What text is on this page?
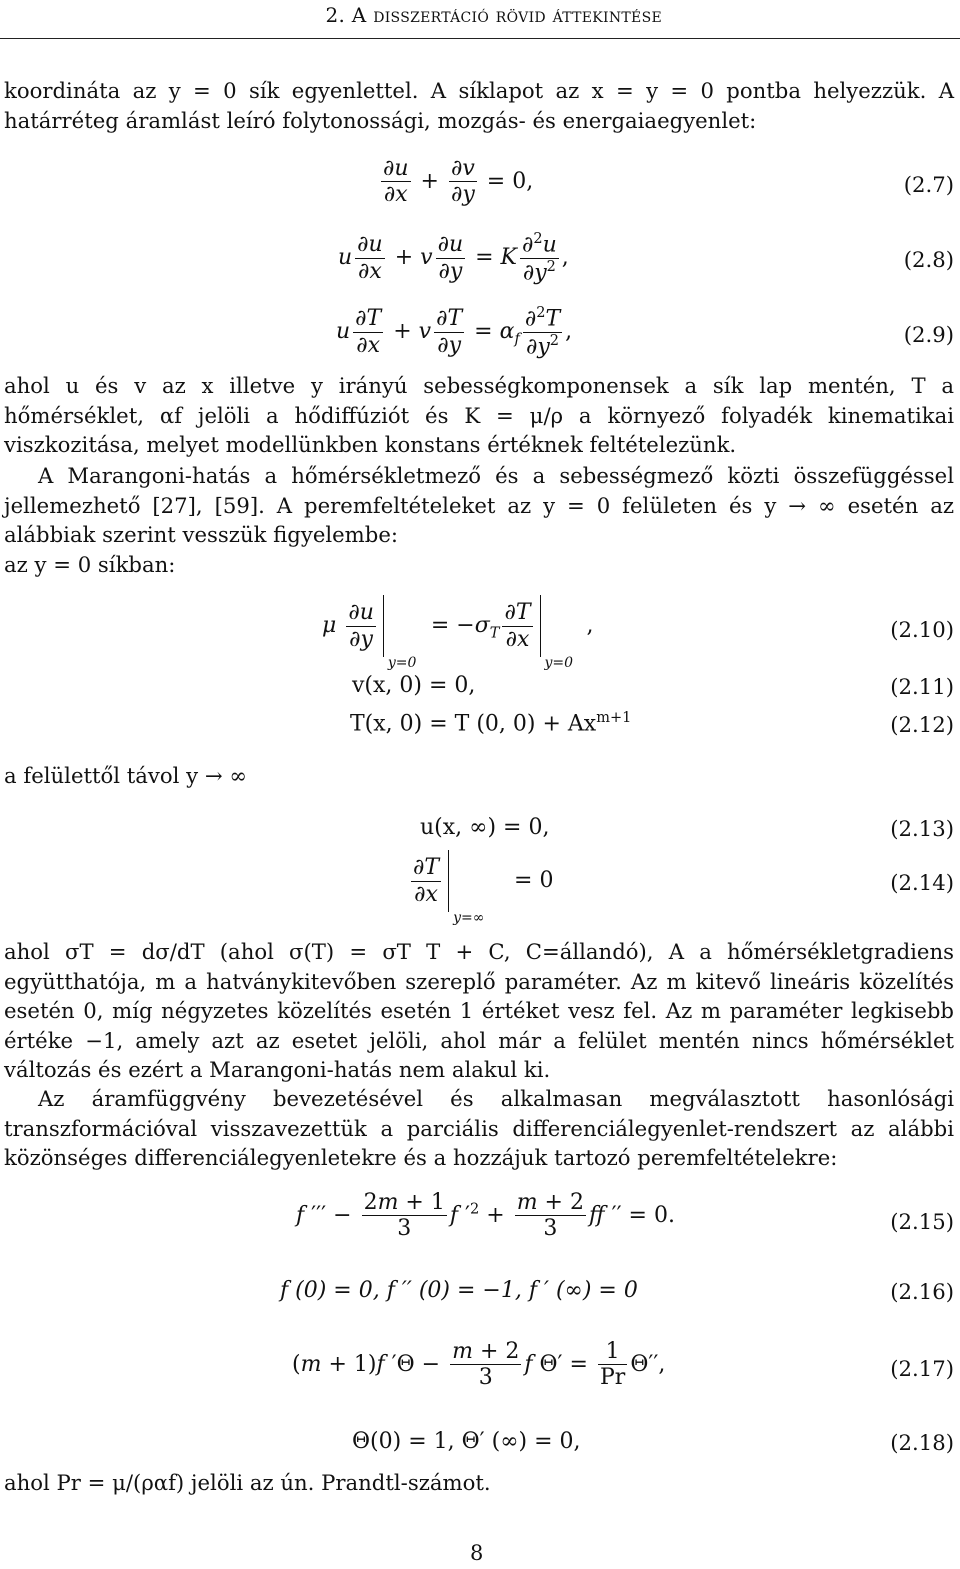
2. A disszertáció rövid áttekintése

koordináta az y = 0 sík egyenlettel. A síklapot az x = y = 0 pontba helyezzük. A határréteg áramlást leíró folytonossági, mozgás- és energaiaegyenlet:

$\frac{\partial u}{\partial x} + \frac{\partial v}{\partial y} = 0$,	(2.7)
u $\frac{\partial u}{\partial x} + v \frac{\partial u}{\partial y} = K \frac{\partial^2u}{\partial y^2}$ ,	(2.8)
u $\frac{\partial T}{\partial x} + v \frac{\partial T}{\partial y} = \alpha_f \frac{\partial^2T}{\partial y^2}$ ,	(2.9)

ahol u és v az x illetve y irányú sebességkomponensek a sík lap mentén, T a hőmérséklet, αf jelöli a hődiffúziót és K = μ/ρ a környező folyadék kinematikai viszkozitása, melyet modellünkben konstans értéknek feltételezünk.

A Marangoni-hatás a hőmérsékletmező és a sebességmező közti összefüggéssel jellemezhető [27], [59]. A peremfeltételeket az y = 0 felületen és y → ∞ esetén az alábbiak szerint vesszük figyelembe:

az y = 0 síkban:
μ $\frac{\partial u}{\partial y}$
y=0
= $-\sigma_T \frac{\partial T}{\partial x}$
y=0
,	(2.10)
v(x, 0) = 0,	(2.11)
T(x, 0) = T (0, $0) + Ax^{m+1}$	(2.12)
a felülettől távol y → ∞
u(x, ∞) = 0,	(2.13)
$\frac{\partial T}{\partial x}$
y=∞
= 0	(2.14)

ahol σT = dσ/dT (ahol σ(T) = σT T + C, C=állandó), A a hőmérsékletgradiens együtthatója, m a hatványkitevőben szereplő paraméter. Az m kitevő lineáris közelítés esetén 0, míg négyzetes közelítés esetén 1 értéket vesz fel. Az m paraméter legkisebb értéke −1, amely azt az esetet jelöli, ahol már a felület mentén nincs hőmérséklet változás és ezért a Marangoni-hatás nem alakul ki.

Az áramfüggvény bevezetésével és alkalmasan megválasztott hasonlósági transzformációval visszavezettük a parciális differenciálegyenlet-rendszert az alábbi közönséges differenciálegyenletekre és a hozzájuk tartozó peremfeltételekre:

f ′′′ − $\frac{2m + 1}{3}$ f $'^2 + \frac{m + 2}{3}$ ff ′′ = 0.	(2.15)
f (0) = 0, f ′′ (0) = −1, f ′ (∞) = 0	(2.16)
(m + 1)f $'\Theta - \frac{m + 2}{3}$ f $\Theta' = \frac{1}{Pr} \Theta''$,	(2.17)
Θ(0) = 1, Θ′ (∞) = 0,	(2.18)
ahol Pr = μ/(ραf) jelöli az ún. Prandtl-számot.
8
